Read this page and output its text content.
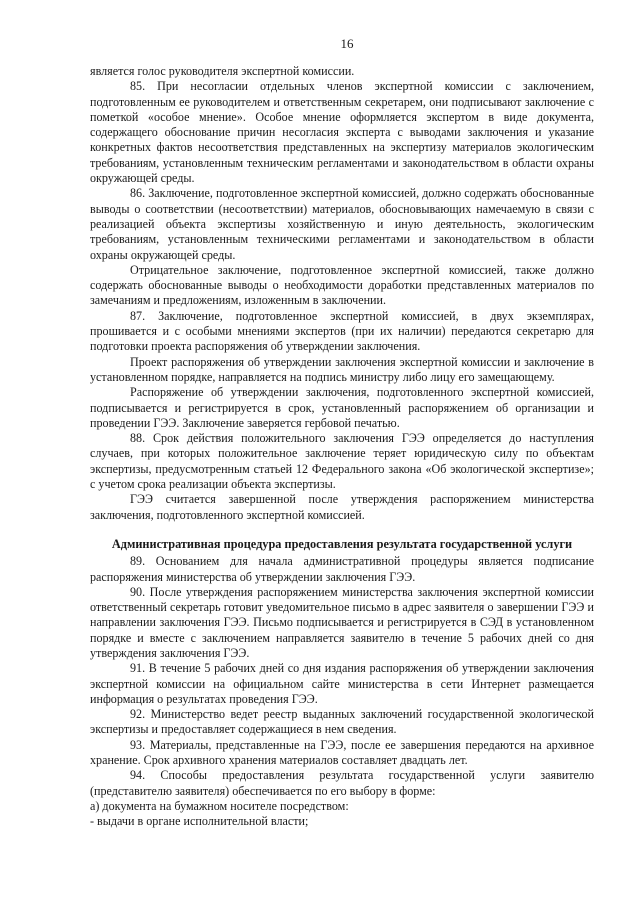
16

является голос руководителя экспертной комиссии.

85. При несогласии отдельных членов экспертной комиссии с заключением, подготовленным ее руководителем и ответственным секретарем, они подписывают заключение с пометкой «особое мнение». Особое мнение оформляется экспертом в виде документа, содержащего обоснование причин несогласия эксперта с выводами заключения и указание конкретных фактов несоответствия представленных на экспертизу материалов экологическим требованиям, установленным техническим регламентами и законодательством в области охраны окружающей среды.

86. Заключение, подготовленное экспертной комиссией, должно содержать обоснованные выводы о соответствии (несоответствии) материалов, обосновывающих намечаемую в связи с реализацией объекта экспертизы хозяйственную и иную деятельность, экологическим требованиям, установленным техническими регламентами и законодательством в области охраны окружающей среды.

Отрицательное заключение, подготовленное экспертной комиссией, также должно содержать обоснованные выводы о необходимости доработки представленных материалов по замечаниям и предложениям, изложенным в заключении.

87. Заключение, подготовленное экспертной комиссией, в двух экземплярах, прошивается и с особыми мнениями экспертов (при их наличии) передаются секретарю для подготовки проекта распоряжения об утверждении заключения.

Проект распоряжения об утверждении заключения экспертной комиссии и заключение в установленном порядке, направляется на подпись министру либо лицу его замещающему.

Распоряжение об утверждении заключения, подготовленного экспертной комиссией, подписывается и регистрируется в срок, установленный распоряжением об организации и проведении ГЭЭ. Заключение заверяется гербовой печатью.

88. Срок действия положительного заключения ГЭЭ определяется до наступления случаев, при которых положительное заключение теряет юридическую силу по объектам экспертизы, предусмотренным статьей 12 Федерального закона «Об экологической экспертизе»; с учетом срока реализации объекта экспертизы.

ГЭЭ считается завершенной после утверждения распоряжением министерства заключения, подготовленного экспертной комиссией.

Административная процедура предоставления результата государственной услуги

89. Основанием для начала административной процедуры является подписание распоряжения министерства об утверждении заключения ГЭЭ.

90. После утверждения распоряжением министерства заключения экспертной комиссии ответственный секретарь готовит уведомительное письмо в адрес заявителя о завершении ГЭЭ и направлении заключения ГЭЭ. Письмо подписывается и регистрируется в СЭД в установленном порядке и вместе с заключением направляется заявителю в течение 5 рабочих дней со дня утверждения заключения ГЭЭ.

91. В течение 5 рабочих дней со дня издания распоряжения об утверждении заключения экспертной комиссии на официальном сайте министерства в сети Интернет размещается информация о результатах проведения ГЭЭ.

92. Министерство ведет реестр выданных заключений государственной экологической экспертизы и предоставляет содержащиеся в нем сведения.

93. Материалы, представленные на ГЭЭ, после ее завершения передаются на архивное хранение. Срок архивного хранения материалов составляет двадцать лет.

94. Способы предоставления результата государственной услуги заявителю (представителю заявителя) обеспечивается по его выбору в форме:

а) документа на бумажном носителе посредством:

- выдачи в органе исполнительной власти;
